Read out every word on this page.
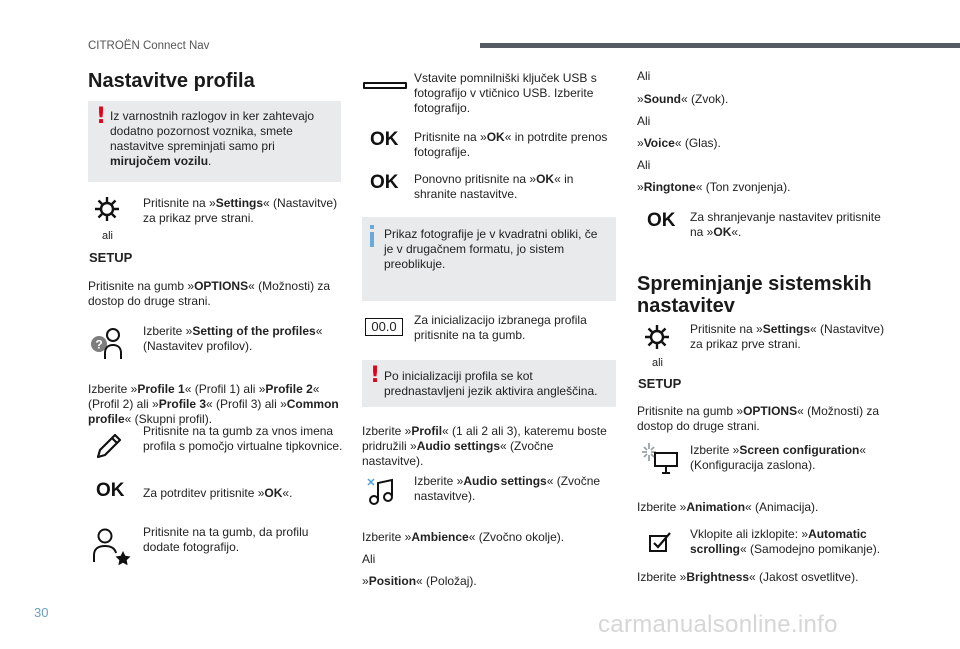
CITROËN Connect Nav
30	carmanualsonline.info
Nastavitve profila
! Iz varnostnih razlogov in ker zahtevajo dodatno pozornost voznika, smete nastavitve spreminjati samo pri mirujočem vozilu.
ali
SETUP
Pritisnite na »Settings« (Nastavitve) za prikaz prve strani.
Pritisnite na gumb »OPTIONS« (Možnosti) za dostop do druge strani.
?
Izberite »Setting of the profiles« (Nastavitev profilov).
Izberite »Profile 1« (Profil 1) ali »Profile 2« (Profil 2) ali »Profile 3« (Profil 3) ali »Common profile« (Skupni profil).
Pritisnite na ta gumb za vnos imena profila s pomočjo virtualne tipkovnice.
OK Za potrditev pritisnite »OK«.
Pritisnite na ta gumb, da profilu dodate fotografijo.
Vstavite pomnilniški ključek USB s fotografijo v vtičnico USB. Izberite fotografijo.
OK Pritisnite na »OK« in potrdite prenos fotografije.
OK Ponovno pritisnite na »OK« in shranite nastavitve.
Prikaz fotografije je v kvadratni obliki, če je v drugačnem formatu, jo sistem preoblikuje.
00.0	Za inicializacijo izbranega profila pritisnite na ta gumb.
! Po inicializaciji profila se kot prednastavljeni jezik aktivira angleščina.
Izberite »Profil« (1 ali 2 ali 3), kateremu boste pridružili »Audio settings« (Zvočne nastavitve).
Izberite »Audio settings« (Zvočne nastavitve).
Izberite »Ambience« (Zvočno okolje).
Ali
»Position« (Položaj).
Ali
»Sound« (Zvok).
Ali
»Voice« (Glas).
Ali
»Ringtone« (Ton zvonjenja).
OK Za shranjevanje nastavitev pritisnite na »OK«.
Spreminjanje sistemskih nastavitev
ali
SETUP
Pritisnite na »Settings« (Nastavitve) za prikaz prve strani.
Pritisnite na gumb »OPTIONS« (Možnosti) za dostop do druge strani.
Izberite »Screen configuration« (Konfiguracija zaslona).
Izberite »Animation« (Animacija).
Vklopite ali izklopite: »Automatic scrolling« (Samodejno pomikanje).
Izberite »Brightness« (Jakost osvetlitve).
